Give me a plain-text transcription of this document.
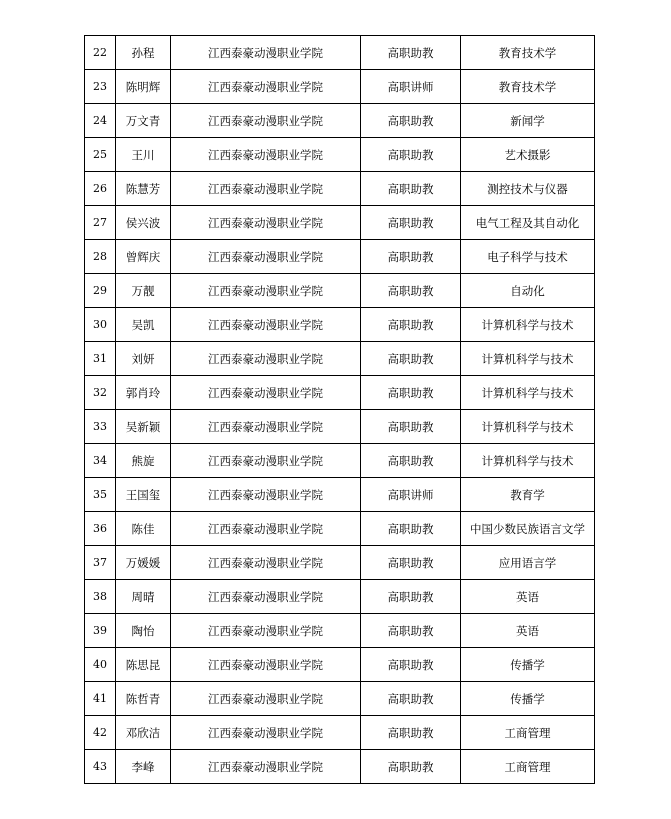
22	孙程	江西泰豪动漫职业学院	高职助教	教育技术学
23	陈明辉	江西泰豪动漫职业学院	高职讲师	教育技术学
24	万文青	江西泰豪动漫职业学院	高职助教	新闻学
25	王川	江西泰豪动漫职业学院	高职助教	艺术摄影
26	陈慧芳	江西泰豪动漫职业学院	高职助教	测控技术与仪器
27	侯兴波	江西泰豪动漫职业学院	高职助教	电气工程及其自动化
28	曾辉庆	江西泰豪动漫职业学院	高职助教	电子科学与技术
29	万靓	江西泰豪动漫职业学院	高职助教	自动化
30	吴凯	江西泰豪动漫职业学院	高职助教	计算机科学与技术
31	刘妍	江西泰豪动漫职业学院	高职助教	计算机科学与技术
32	郭肖玲	江西泰豪动漫职业学院	高职助教	计算机科学与技术
33	吴新颖	江西泰豪动漫职业学院	高职助教	计算机科学与技术
34	熊旋	江西泰豪动漫职业学院	高职助教	计算机科学与技术
35	王国玺	江西泰豪动漫职业学院	高职讲师	教育学
36	陈佳	江西泰豪动漫职业学院	高职助教	中国少数民族语言文学
37	万媛媛	江西泰豪动漫职业学院	高职助教	应用语言学
38	周晴	江西泰豪动漫职业学院	高职助教	英语
39	陶怡	江西泰豪动漫职业学院	高职助教	英语
40	陈思昆	江西泰豪动漫职业学院	高职助教	传播学
41	陈哲青	江西泰豪动漫职业学院	高职助教	传播学
42	邓欣洁	江西泰豪动漫职业学院	高职助教	工商管理
43	李峰	江西泰豪动漫职业学院	高职助教	工商管理
